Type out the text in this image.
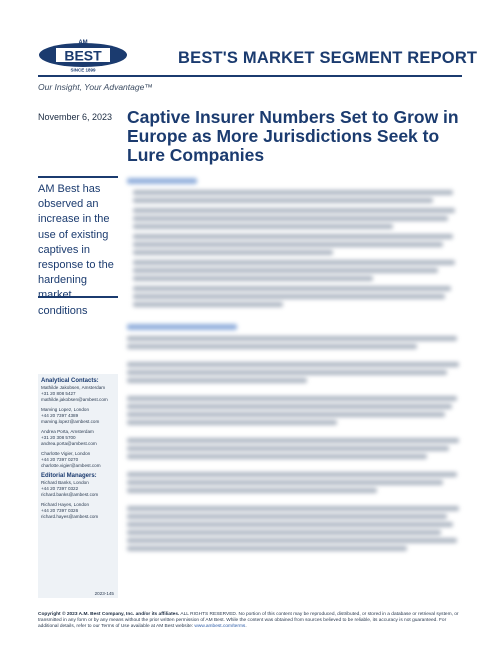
AM
BEST
SINCE 1899
BEST'S MARKET SEGMENT REPORT
Our Insight, Your Advantage™
November 6, 2023 Captive Insurer Numbers Set to Grow in Europe as More Jurisdictions Seek to Lure Companies
AM Best has observed an increase in the use of existing captives in response to the hardening market conditions
Analytical Contacts:
Mathilde Jakobsen, Amsterdam
+31 20 808 5427
mathilde.jakobsen@ambest.com
Marving Lopez, London
+44 20 7397 4389
marving.lopez@ambest.com
Andrea Porta, Amsterdam
+31 20 308 5700
andrea.porta@ambest.com
Charlotte Vigier, London
+44 20 7397 0270
charlotte.vigier@ambest.com
Editorial Managers:
Richard Banks, London
+44 20 7397 0322
richard.banks@ambest.com
Richard Hayes, London
+44 20 7397 0326
richard.hayes@ambest.com
2023-145
Copyright © 2023 A.M. Best Company, Inc. and/or its affiliates. ALL RIGHTS RESERVED. No portion of this content may be reproduced, distributed, or stored in a database or retrieval system, or transmitted in any form or by any means without the prior written permission of AM Best. While the content was obtained from sources believed to be reliable, its accuracy is not guaranteed. For additional details, refer to our Terms of Use available at AM Best website: www.ambest.com/terms.
